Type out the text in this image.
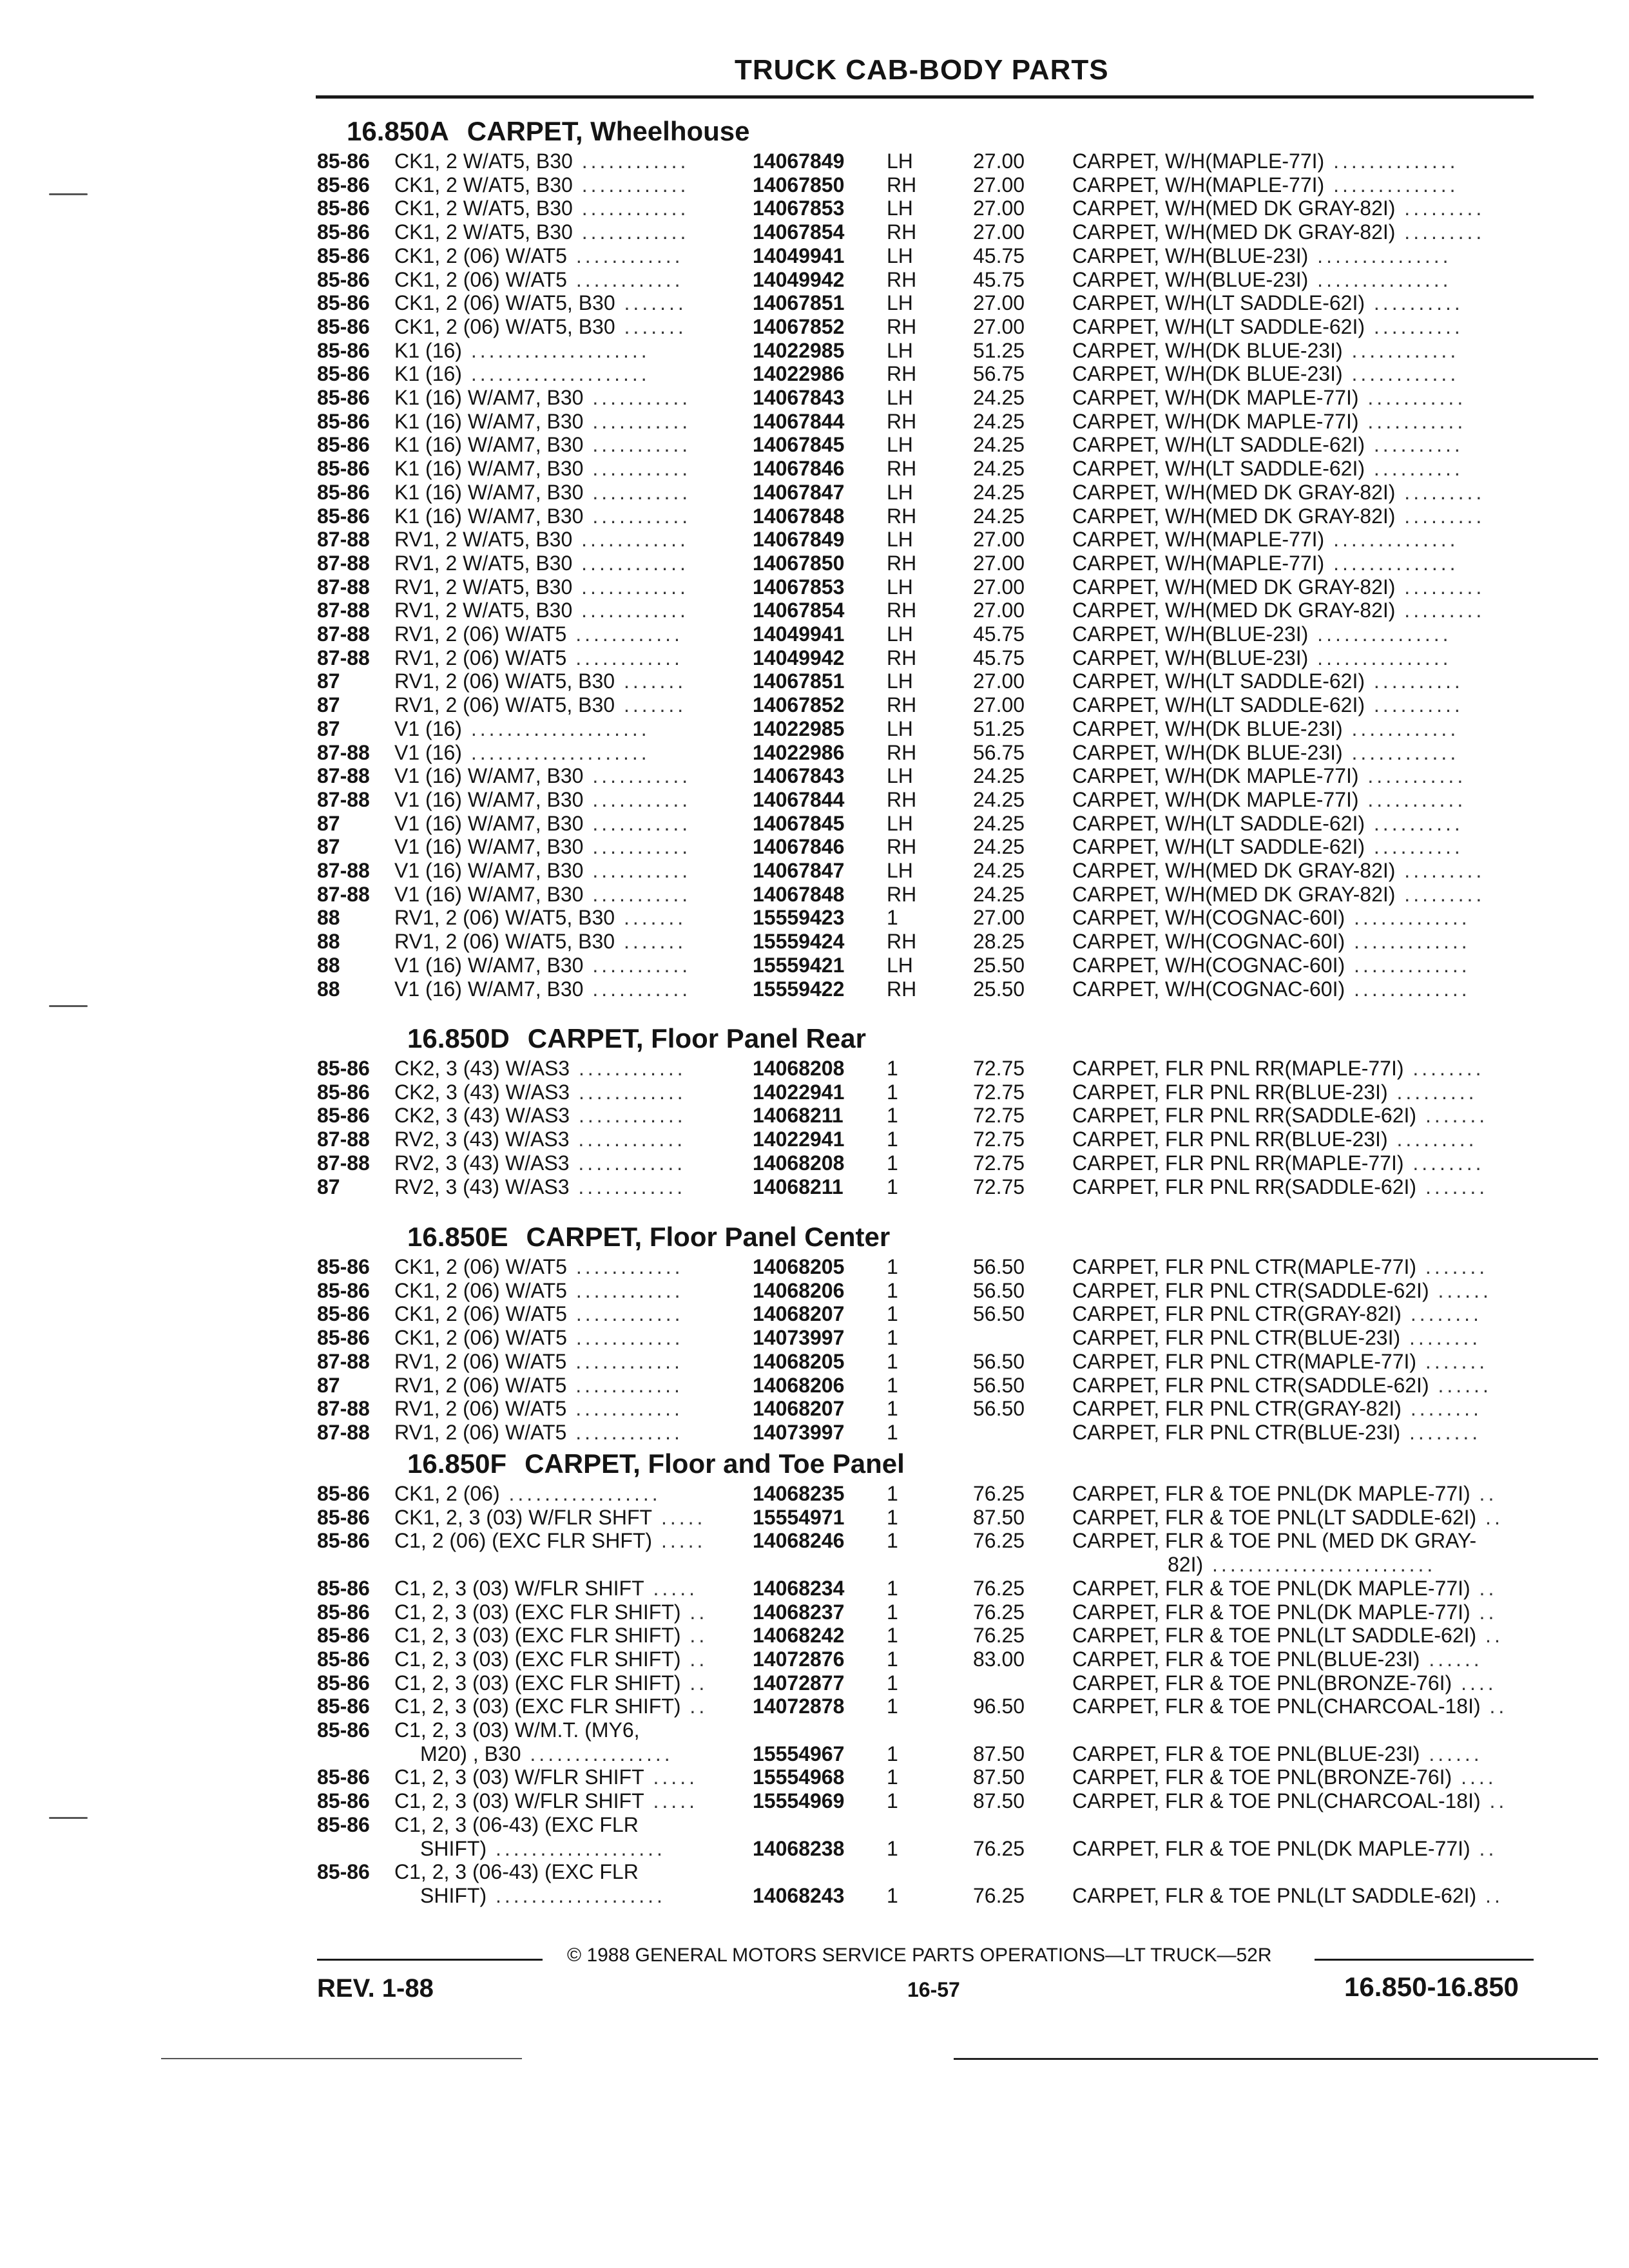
TRUCK CAB-BODY PARTS
16.850A CARPET, Wheelhouse
85-86 CK1, 2 W/AT5, B30 ............	14067849 LH	27.00 CARPET, W/H(MAPLE-77I) ..............
85-86 CK1, 2 W/AT5, B30 ............	14067850 RH	27.00 CARPET, W/H(MAPLE-77I) ..............
85-86 CK1, 2 W/AT5, B30 ............	14067853 LH	27.00 CARPET, W/H(MED DK GRAY-82I) .........
85-86 CK1, 2 W/AT5, B30 ............	14067854 RH	27.00 CARPET, W/H(MED DK GRAY-82I) .........
85-86 CK1, 2 (06) W/AT5 ............	14049941 LH	45.75 CARPET, W/H(BLUE-23I) ...............
85-86 CK1, 2 (06) W/AT5 ............	14049942 RH	45.75 CARPET, W/H(BLUE-23I) ...............
85-86 CK1, 2 (06) W/AT5, B30 .......	14067851 LH	27.00 CARPET, W/H(LT SADDLE-62I) ..........
85-86 CK1, 2 (06) W/AT5, B30 .......	14067852 RH	27.00 CARPET, W/H(LT SADDLE-62I) ..........
85-86 K1 (16) ....................	14022985 LH	51.25 CARPET, W/H(DK BLUE-23I) ............
85-86 K1 (16) ....................	14022986 RH	56.75 CARPET, W/H(DK BLUE-23I) ............
85-86 K1 (16) W/AM7, B30 ...........	14067843 LH	24.25 CARPET, W/H(DK MAPLE-77I) ...........
85-86 K1 (16) W/AM7, B30 ...........	14067844 RH	24.25 CARPET, W/H(DK MAPLE-77I) ...........
85-86 K1 (16) W/AM7, B30 ...........	14067845 LH	24.25 CARPET, W/H(LT SADDLE-62I) ..........
85-86 K1 (16) W/AM7, B30 ...........	14067846 RH	24.25 CARPET, W/H(LT SADDLE-62I) ..........
85-86 K1 (16) W/AM7, B30 ...........	14067847 LH	24.25 CARPET, W/H(MED DK GRAY-82I) .........
85-86 K1 (16) W/AM7, B30 ...........	14067848 RH	24.25 CARPET, W/H(MED DK GRAY-82I) .........
87-88 RV1, 2 W/AT5, B30 ............	14067849 LH	27.00 CARPET, W/H(MAPLE-77I) ..............
87-88 RV1, 2 W/AT5, B30 ............	14067850 RH	27.00 CARPET, W/H(MAPLE-77I) ..............
87-88 RV1, 2 W/AT5, B30 ............	14067853 LH	27.00 CARPET, W/H(MED DK GRAY-82I) .........
87-88 RV1, 2 W/AT5, B30 ............	14067854 RH	27.00 CARPET, W/H(MED DK GRAY-82I) .........
87-88 RV1, 2 (06) W/AT5 ............	14049941 LH	45.75 CARPET, W/H(BLUE-23I) ...............
87-88 RV1, 2 (06) W/AT5 ............	14049942 RH	45.75 CARPET, W/H(BLUE-23I) ...............
87	RV1, 2 (06) W/AT5, B30 .......	14067851 LH	27.00 CARPET, W/H(LT SADDLE-62I) ..........
87	RV1, 2 (06) W/AT5, B30 .......	14067852 RH	27.00 CARPET, W/H(LT SADDLE-62I) ..........
87	V1 (16) ....................	14022985 LH	51.25 CARPET, W/H(DK BLUE-23I) ............
87-88 V1 (16) ....................	14022986 RH	56.75 CARPET, W/H(DK BLUE-23I) ............
87-88 V1 (16) W/AM7, B30 ...........	14067843 LH	24.25 CARPET, W/H(DK MAPLE-77I) ...........
87-88 V1 (16) W/AM7, B30 ...........	14067844 RH	24.25 CARPET, W/H(DK MAPLE-77I) ...........
87	V1 (16) W/AM7, B30 ...........	14067845 LH	24.25 CARPET, W/H(LT SADDLE-62I) ..........
87	V1 (16) W/AM7, B30 ...........	14067846 RH	24.25 CARPET, W/H(LT SADDLE-62I) ..........
87-88 V1 (16) W/AM7, B30 ...........	14067847 LH	24.25 CARPET, W/H(MED DK GRAY-82I) .........
87-88 V1 (16) W/AM7, B30 ...........	14067848 RH	24.25 CARPET, W/H(MED DK GRAY-82I) .........
88	RV1, 2 (06) W/AT5, B30 .......	15559423 1	27.00 CARPET, W/H(COGNAC-60I) .............
88	RV1, 2 (06) W/AT5, B30 .......	15559424 RH	28.25 CARPET, W/H(COGNAC-60I) .............
88	V1 (16) W/AM7, B30 ...........	15559421 LH	25.50 CARPET, W/H(COGNAC-60I) .............
88	V1 (16) W/AM7, B30 ...........	15559422 RH	25.50 CARPET, W/H(COGNAC-60I) .............
16.850D CARPET, Floor Panel Rear
85-86 CK2, 3 (43) W/AS3 ............	14068208 1	72.75 CARPET, FLR PNL RR(MAPLE-77I) ........
85-86 CK2, 3 (43) W/AS3 ............	14022941 1	72.75 CARPET, FLR PNL RR(BLUE-23I) .........
85-86 CK2, 3 (43) W/AS3 ............	14068211 1	72.75 CARPET, FLR PNL RR(SADDLE-62I) .......
87-88 RV2, 3 (43) W/AS3 ............	14022941 1	72.75 CARPET, FLR PNL RR(BLUE-23I) .........
87-88 RV2, 3 (43) W/AS3 ............	14068208 1	72.75 CARPET, FLR PNL RR(MAPLE-77I) ........
87	RV2, 3 (43) W/AS3 ............	14068211 1	72.75 CARPET, FLR PNL RR(SADDLE-62I) .......
16.850E CARPET, Floor Panel Center
85-86 CK1, 2 (06) W/AT5 ............	14068205 1	56.50 CARPET, FLR PNL CTR(MAPLE-77I) .......
85-86 CK1, 2 (06) W/AT5 ............	14068206 1	56.50 CARPET, FLR PNL CTR(SADDLE-62I) ......
85-86 CK1, 2 (06) W/AT5 ............	14068207 1	56.50 CARPET, FLR PNL CTR(GRAY-82I) ........
85-86 CK1, 2 (06) W/AT5 ............	14073997 1	CARPET, FLR PNL CTR(BLUE-23I) ........
87-88 RV1, 2 (06) W/AT5 ............	14068205 1	56.50 CARPET, FLR PNL CTR(MAPLE-77I) .......
87	RV1, 2 (06) W/AT5 ............	14068206 1	56.50 CARPET, FLR PNL CTR(SADDLE-62I) ......
87-88 RV1, 2 (06) W/AT5 ............	14068207 1	56.50 CARPET, FLR PNL CTR(GRAY-82I) ........
87-88 RV1, 2 (06) W/AT5 ............	14073997 1	CARPET, FLR PNL CTR(BLUE-23I) ........
16.850F CARPET, Floor and Toe Panel
85-86 CK1, 2 (06) .................	14068235 1	76.25 CARPET, FLR & TOE PNL(DK MAPLE-77I) ..
85-86 CK1, 2, 3 (03) W/FLR SHFT ..... 15554971 1	87.50 CARPET, FLR & TOE PNL(LT SADDLE-62I) ..
85-86 C1, 2 (06) (EXC FLR SHFT) ..... 14068246 1	76.25 CARPET, FLR & TOE PNL (MED DK GRAY-
82I) .........................
85-86 C1, 2, 3 (03) W/FLR SHIFT .....	14068234 1	76.25 CARPET, FLR & TOE PNL(DK MAPLE-77I) ..
85-86 C1, 2, 3 (03) (EXC FLR SHIFT) .. 14068237 1	76.25 CARPET, FLR & TOE PNL(DK MAPLE-77I) ..
85-86 C1, 2, 3 (03) (EXC FLR SHIFT) .. 14068242 1	76.25 CARPET, FLR & TOE PNL(LT SADDLE-62I) ..
85-86 C1, 2, 3 (03) (EXC FLR SHIFT) .. 14072876 1	83.00 CARPET, FLR & TOE PNL(BLUE-23I) ......
85-86 C1, 2, 3 (03) (EXC FLR SHIFT) .. 14072877 1	CARPET, FLR & TOE PNL(BRONZE-76I) ....
85-86 C1, 2, 3 (03) (EXC FLR SHIFT) .. 14072878 1	96.50 CARPET, FLR & TOE PNL(CHARCOAL-18I) ..
85-86 C1, 2, 3 (03) W/M.T. (MY6,
M20) , B30 ................	15554967 1	87.50 CARPET, FLR & TOE PNL(BLUE-23I) ......
85-86 C1, 2, 3 (03) W/FLR SHIFT .....	15554968 1	87.50 CARPET, FLR & TOE PNL(BRONZE-76I) ....
85-86 C1, 2, 3 (03) W/FLR SHIFT .....	15554969 1	87.50 CARPET, FLR & TOE PNL(CHARCOAL-18I) ..
85-86 C1, 2, 3 (06-43) (EXC FLR
SHIFT) ...................	14068238 1	76.25 CARPET, FLR & TOE PNL(DK MAPLE-77I) ..
85-86 C1, 2, 3 (06-43) (EXC FLR
SHIFT) ...................	14068243 1	76.25 CARPET, FLR & TOE PNL(LT SADDLE-62I) ..
© 1988 GENERAL MOTORS SERVICE PARTS OPERATIONS—LT TRUCK—52R
REV. 1-88	16-57	16.850-16.850
